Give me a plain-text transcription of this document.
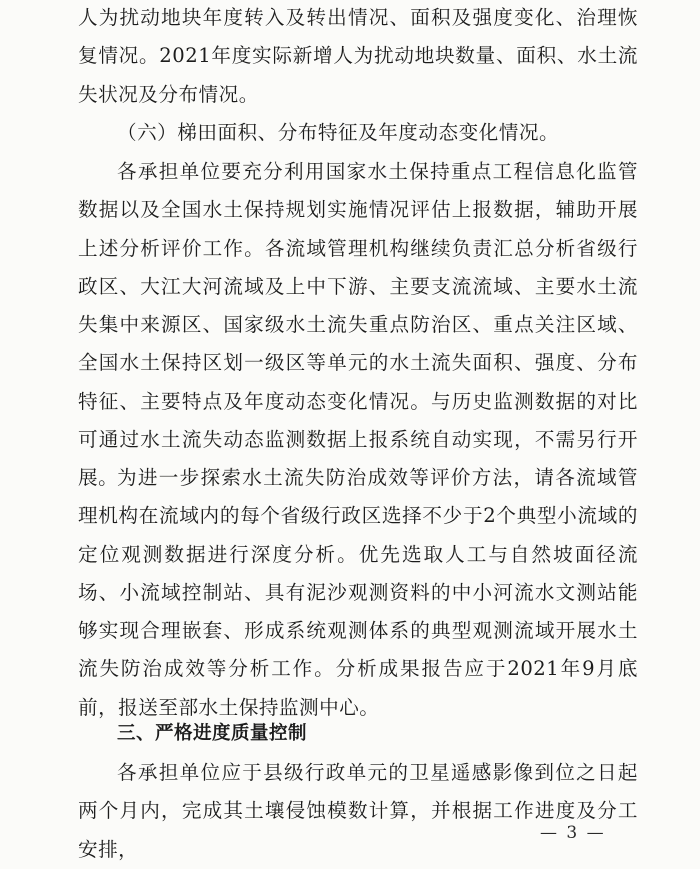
人为扰动地块年度转入及转出情况、面积及强度变化、治理恢复情况。2021年度实际新增人为扰动地块数量、面积、水土流失状况及分布情况。

（六）梯田面积、分布特征及年度动态变化情况。

各承担单位要充分利用国家水土保持重点工程信息化监管数据以及全国水土保持规划实施情况评估上报数据，辅助开展上述分析评价工作。各流域管理机构继续负责汇总分析省级行政区、大江大河流域及上中下游、主要支流流域、主要水土流失集中来源区、国家级水土流失重点防治区、重点关注区域、全国水土保持区划一级区等单元的水土流失面积、强度、分布特征、主要特点及年度动态变化情况。与历史监测数据的对比可通过水土流失动态监测数据上报系统自动实现，不需另行开展。

为进一步探索水土流失防治成效等评价方法，请各流域管理机构在流域内的每个省级行政区选择不少于2个典型小流域的定位观测数据进行深度分析。优先选取人工与自然坡面径流场、小流域控制站、具有泥沙观测资料的中小河流水文测站能够实现合理嵌套、形成系统观测体系的典型观测流域开展水土流失防治成效等分析工作。分析成果报告应于2021年9月底前，报送至部水土保持监测中心。

三、严格进度质量控制

各承担单位应于县级行政单元的卫星遥感影像到位之日起两个月内，完成其土壤侵蚀模数计算，并根据工作进度及分工安排，

— 3 —
